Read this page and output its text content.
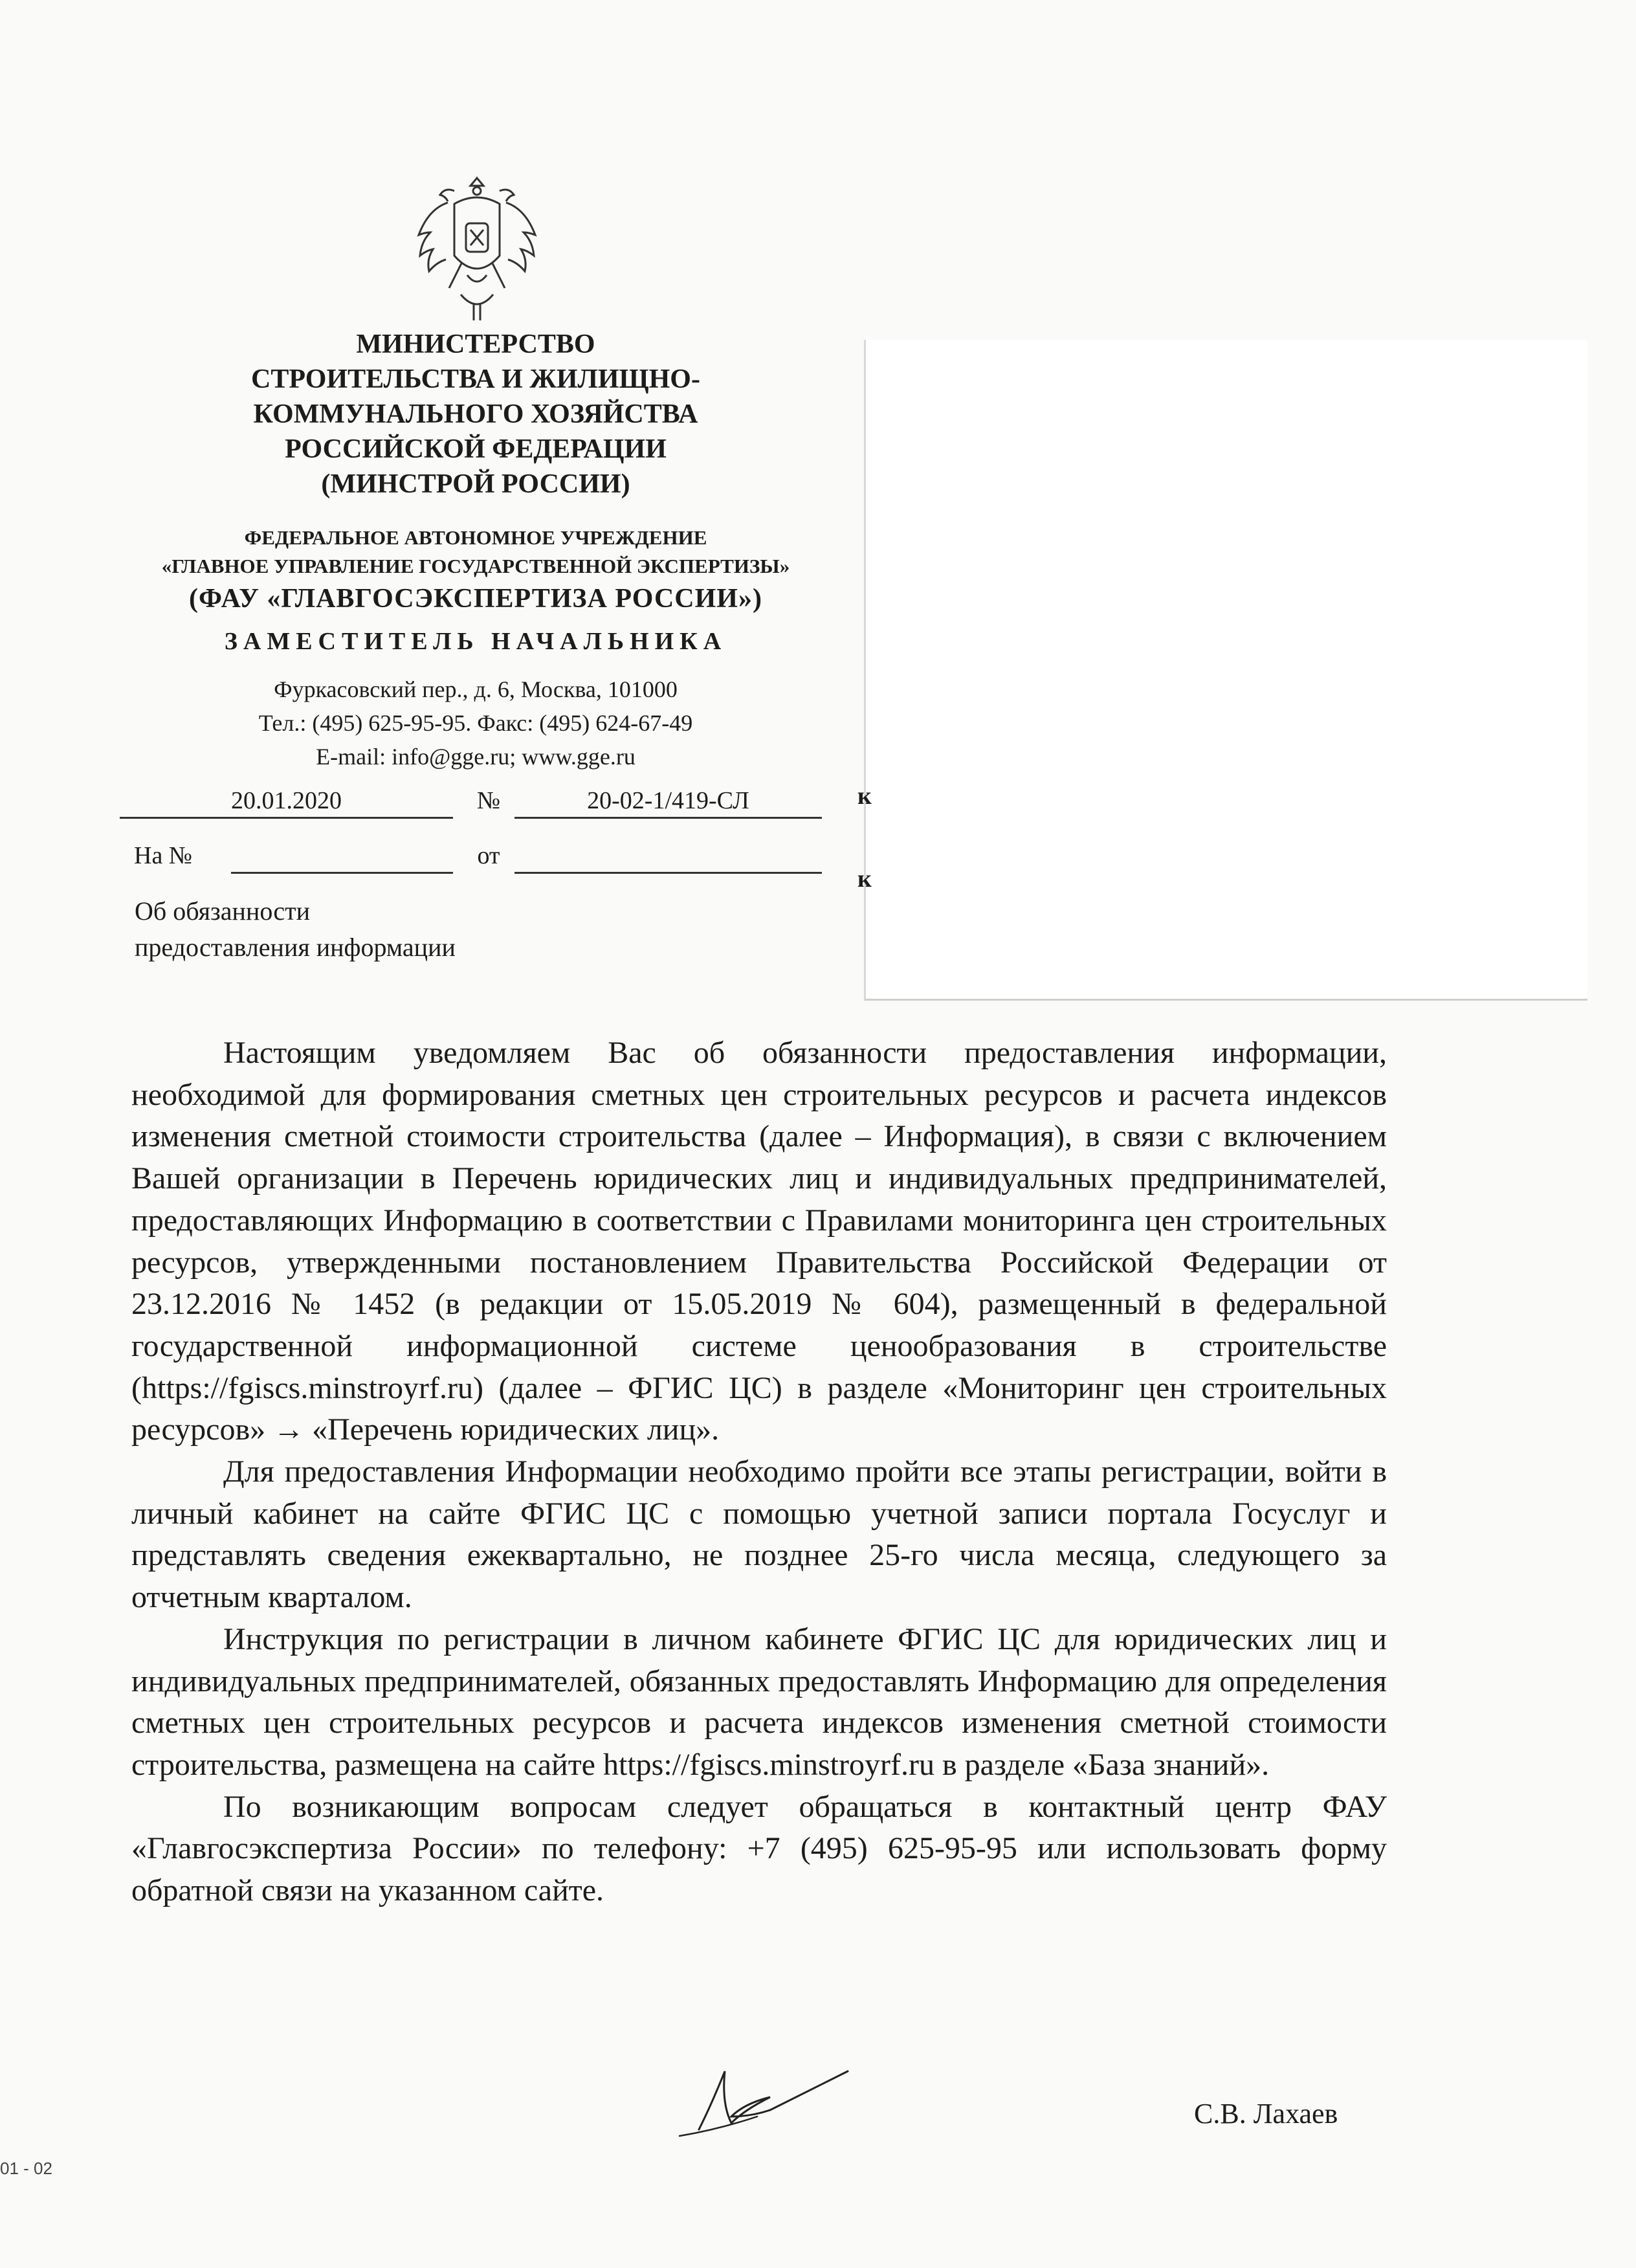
МИНИСТЕРСТВО

СТРОИТЕЛЬСТВА И ЖИЛИЩНО-

КОММУНАЛЬНОГО ХОЗЯЙСТВА

РОССИЙСКОЙ ФЕДЕРАЦИИ

(МИНСТРОЙ РОССИИ)

ФЕДЕРАЛЬНОЕ АВТОНОМНОЕ УЧРЕЖДЕНИЕ

«ГЛАВНОЕ УПРАВЛЕНИЕ ГОСУДАРСТВЕННОЙ ЭКСПЕРТИЗЫ»

(ФАУ «ГЛАВГОСЭКСПЕРТИЗА РОССИИ»)

ЗАМЕСТИТЕЛЬ НАЧАЛЬНИКА

Фуркасовский пер., д. 6, Москва, 101000

Тел.: (495) 625-95-95. Факс: (495) 624-67-49

E-mail: info@gge.ru; www.gge.ru

20.01.2020	№	20-02-1/419-СЛ
На №	от
к
к

Об обязанности

предоставления информации

Настоящим уведомляем Вас об обязанности предоставления информации, необходимой для формирования сметных цен строительных ресурсов и расчета индексов изменения сметной стоимости строительства (далее – Информация), в связи с включением Вашей организации в Перечень юридических лиц и индивидуальных предпринимателей, предоставляющих Информацию в соответствии с Правилами мониторинга цен строительных ресурсов, утвержденными постановлением Правительства Российской Федерации от 23.12.2016 № 1452 (в редакции от 15.05.2019 № 604), размещенный в федеральной государственной информационной системе ценообразования в строительстве (https://fgiscs.minstroyrf.ru) (далее – ФГИС ЦС) в разделе «Мониторинг цен строительных ресурсов» → «Перечень юридических лиц».

Для предоставления Информации необходимо пройти все этапы регистрации, войти в личный кабинет на сайте ФГИС ЦС с помощью учетной записи портала Госуслуг и представлять сведения ежеквартально, не позднее 25-го числа месяца, следующего за отчетным кварталом.

Инструкция по регистрации в личном кабинете ФГИС ЦС для юридических лиц и индивидуальных предпринимателей, обязанных предоставлять Информацию для определения сметных цен строительных ресурсов и расчета индексов изменения сметной стоимости строительства, размещена на сайте https://fgiscs.minstroyrf.ru в разделе «База знаний».

По возникающим вопросам следует обращаться в контактный центр ФАУ «Главгосэкспертиза России» по телефону: +7 (495) 625-95-95 или использовать форму обратной связи на указанном сайте.

С.В. Лахаев
01 - 02
